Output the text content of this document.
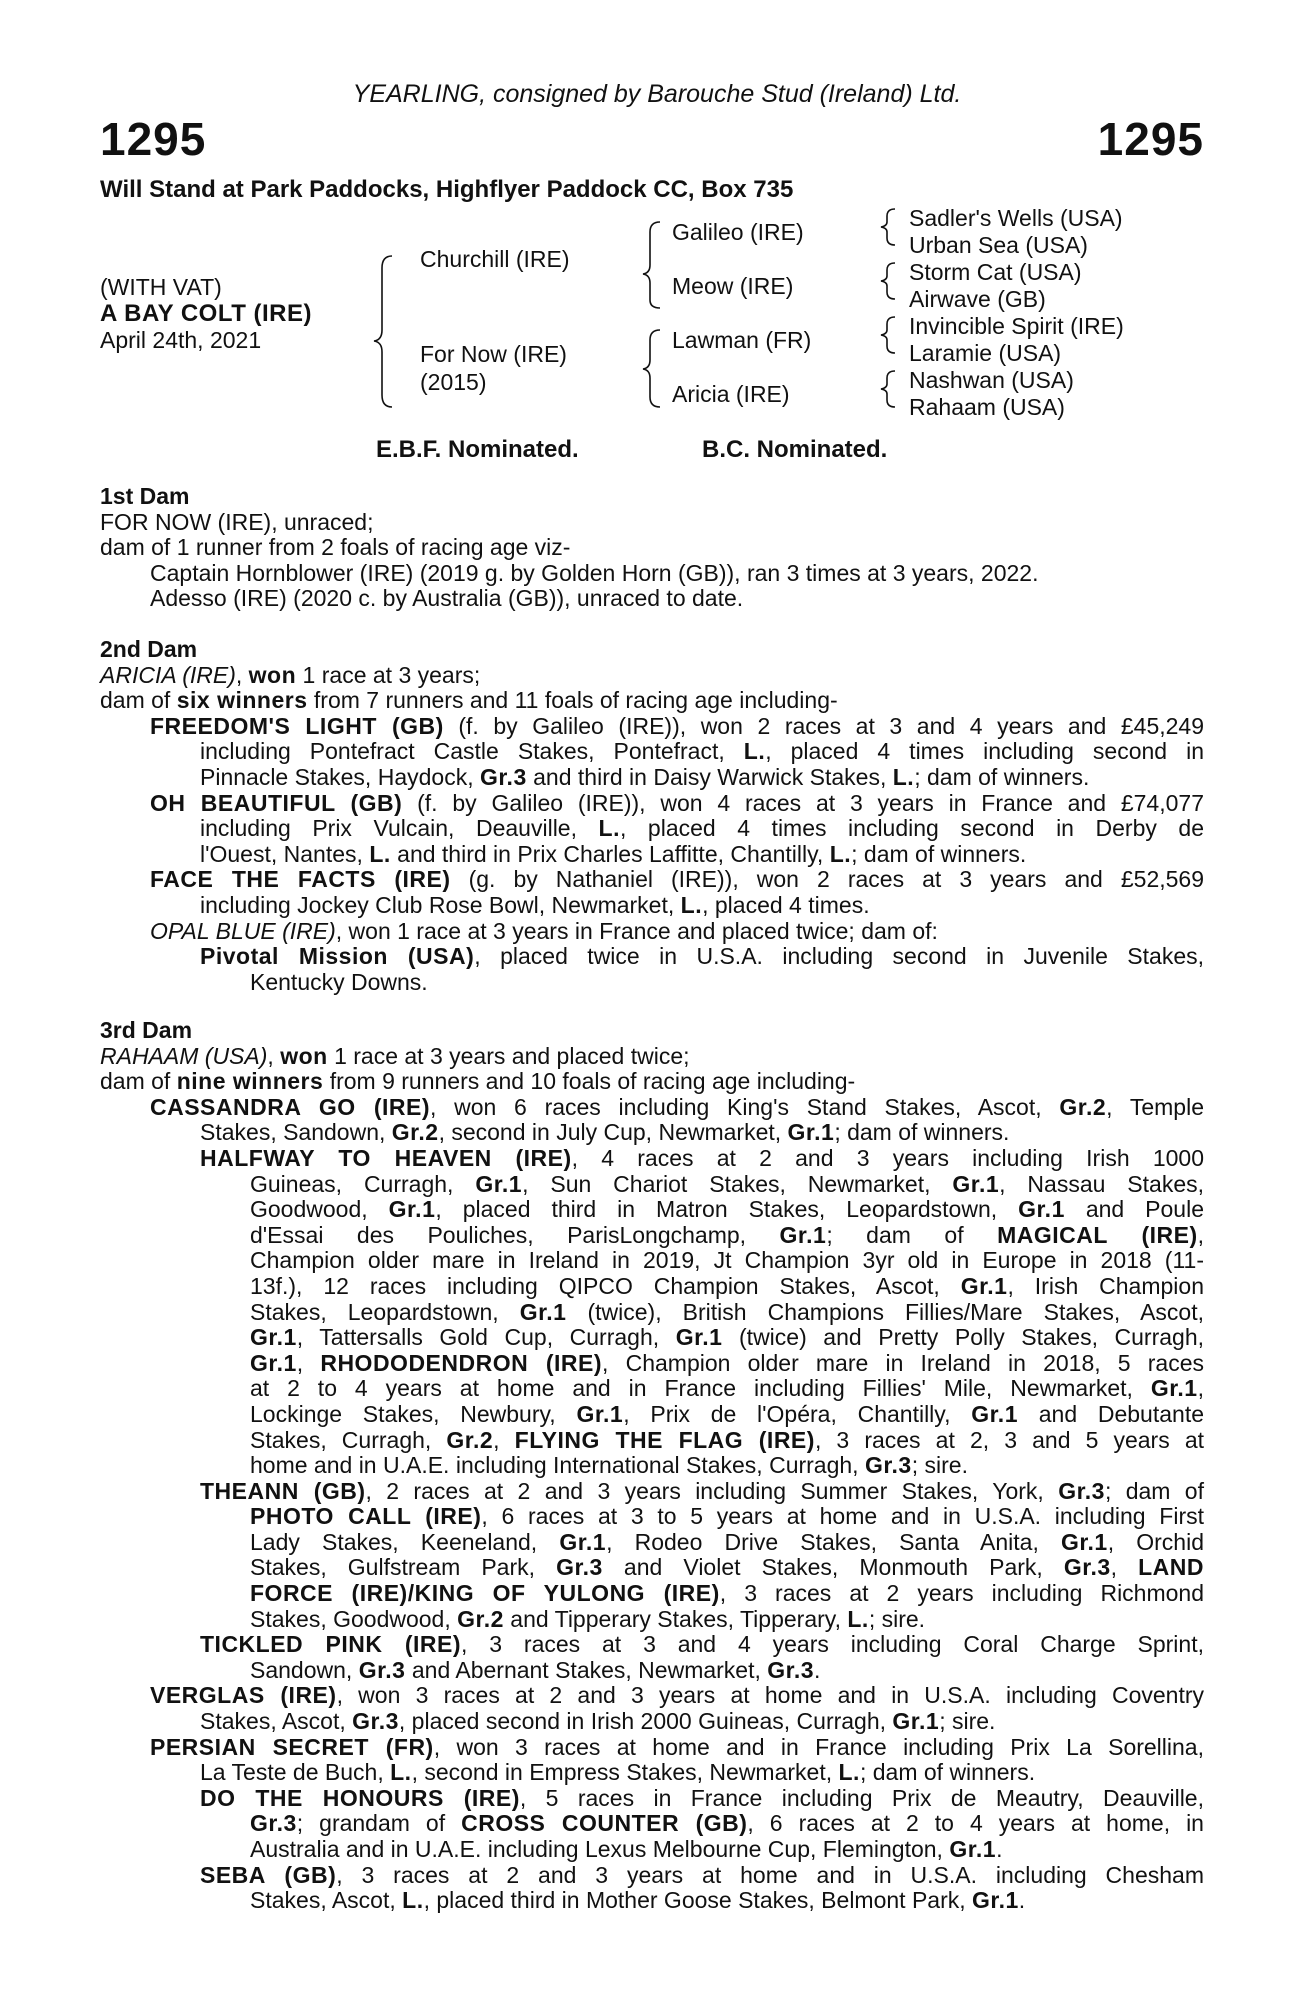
YEARLING, consigned by Barouche Stud (Ireland) Ltd.
1295	1295
Will Stand at Park Paddocks, Highflyer Paddock CC, Box 735
(WITH VAT)
A BAY COLT (IRE)
April 24th, 2021
Churchill (IRE)
For Now (IRE)
(2015)
Galileo (IRE)
Meow (IRE)
Lawman (FR)
Aricia (IRE)
Sadler's Wells (USA)
Urban Sea (USA)
Storm Cat (USA)
Airwave (GB)
Invincible Spirit (IRE)
Laramie (USA)
Nashwan (USA)
Rahaam (USA)
E.B.F. Nominated.	B.C. Nominated.
1st Dam
FOR NOW (IRE), unraced;
dam of 1 runner from 2 foals of racing age viz-
Captain Hornblower (IRE) (2019 g. by Golden Horn (GB)), ran 3 times at 3 years, 2022.
Adesso (IRE) (2020 c. by Australia (GB)), unraced to date.
2nd Dam
ARICIA (IRE), won 1 race at 3 years;
dam of six winners from 7 runners and 11 foals of racing age including-
FREEDOM'S LIGHT (GB) (f. by Galileo (IRE)), won 2 races at 3 and 4 years and £45,249
including Pontefract Castle Stakes, Pontefract, L., placed 4 times including second in
Pinnacle Stakes, Haydock, Gr.3 and third in Daisy Warwick Stakes, L.; dam of winners.
OH BEAUTIFUL (GB) (f. by Galileo (IRE)), won 4 races at 3 years in France and £74,077
including Prix Vulcain, Deauville, L., placed 4 times including second in Derby de
l'Ouest, Nantes, L. and third in Prix Charles Laffitte, Chantilly, L.; dam of winners.
FACE THE FACTS (IRE) (g. by Nathaniel (IRE)), won 2 races at 3 years and £52,569
including Jockey Club Rose Bowl, Newmarket, L., placed 4 times.
OPAL BLUE (IRE), won 1 race at 3 years in France and placed twice; dam of:
Pivotal Mission (USA), placed twice in U.S.A. including second in Juvenile Stakes,
Kentucky Downs.
3rd Dam
RAHAAM (USA), won 1 race at 3 years and placed twice;
dam of nine winners from 9 runners and 10 foals of racing age including-
CASSANDRA GO (IRE), won 6 races including King's Stand Stakes, Ascot, Gr.2, Temple
Stakes, Sandown, Gr.2, second in July Cup, Newmarket, Gr.1; dam of winners.
HALFWAY TO HEAVEN (IRE), 4 races at 2 and 3 years including Irish 1000
Guineas, Curragh, Gr.1, Sun Chariot Stakes, Newmarket, Gr.1, Nassau Stakes,
Goodwood, Gr.1, placed third in Matron Stakes, Leopardstown, Gr.1 and Poule
d'Essai des Pouliches, ParisLongchamp, Gr.1; dam of MAGICAL (IRE),
Champion older mare in Ireland in 2019, Jt Champion 3yr old in Europe in 2018 (11-
13f.), 12 races including QIPCO Champion Stakes, Ascot, Gr.1, Irish Champion
Stakes, Leopardstown, Gr.1 (twice), British Champions Fillies/Mare Stakes, Ascot,
Gr.1, Tattersalls Gold Cup, Curragh, Gr.1 (twice) and Pretty Polly Stakes, Curragh,
Gr.1, RHODODENDRON (IRE), Champion older mare in Ireland in 2018, 5 races
at 2 to 4 years at home and in France including Fillies' Mile, Newmarket, Gr.1,
Lockinge Stakes, Newbury, Gr.1, Prix de l'Opéra, Chantilly, Gr.1 and Debutante
Stakes, Curragh, Gr.2, FLYING THE FLAG (IRE), 3 races at 2, 3 and 5 years at
home and in U.A.E. including International Stakes, Curragh, Gr.3; sire.
THEANN (GB), 2 races at 2 and 3 years including Summer Stakes, York, Gr.3; dam of
PHOTO CALL (IRE), 6 races at 3 to 5 years at home and in U.S.A. including First
Lady Stakes, Keeneland, Gr.1, Rodeo Drive Stakes, Santa Anita, Gr.1, Orchid
Stakes, Gulfstream Park, Gr.3 and Violet Stakes, Monmouth Park, Gr.3, LAND
FORCE (IRE)/KING OF YULONG (IRE), 3 races at 2 years including Richmond
Stakes, Goodwood, Gr.2 and Tipperary Stakes, Tipperary, L.; sire.
TICKLED PINK (IRE), 3 races at 3 and 4 years including Coral Charge Sprint,
Sandown, Gr.3 and Abernant Stakes, Newmarket, Gr.3.
VERGLAS (IRE), won 3 races at 2 and 3 years at home and in U.S.A. including Coventry
Stakes, Ascot, Gr.3, placed second in Irish 2000 Guineas, Curragh, Gr.1; sire.
PERSIAN SECRET (FR), won 3 races at home and in France including Prix La Sorellina,
La Teste de Buch, L., second in Empress Stakes, Newmarket, L.; dam of winners.
DO THE HONOURS (IRE), 5 races in France including Prix de Meautry, Deauville,
Gr.3; grandam of CROSS COUNTER (GB), 6 races at 2 to 4 years at home, in
Australia and in U.A.E. including Lexus Melbourne Cup, Flemington, Gr.1.
SEBA (GB), 3 races at 2 and 3 years at home and in U.S.A. including Chesham
Stakes, Ascot, L., placed third in Mother Goose Stakes, Belmont Park, Gr.1.
